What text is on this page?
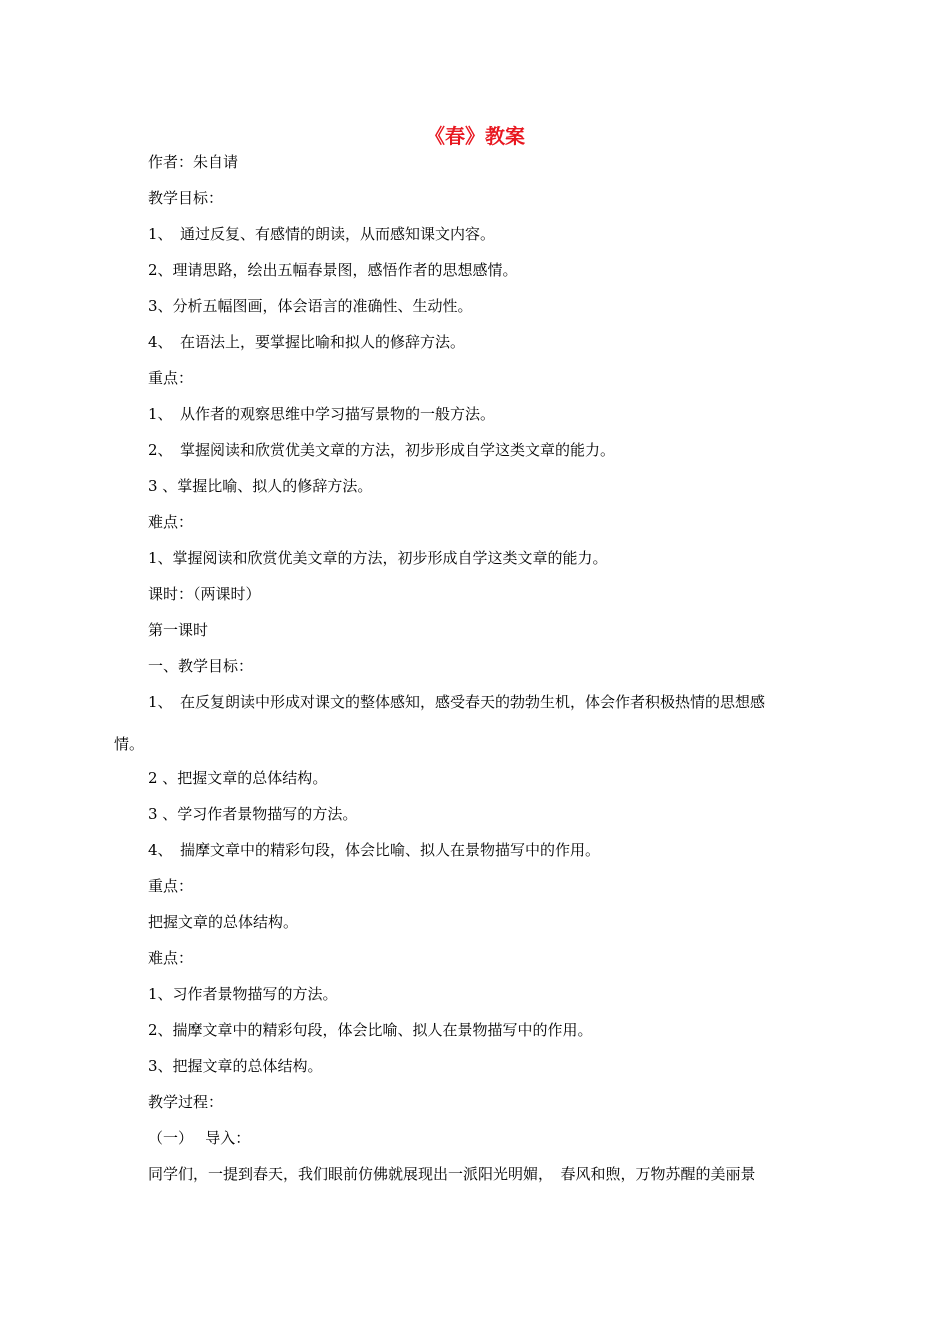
《春》教案
作者：朱自请
教学目标：
1、　通过反复、有感情的朗读，从而感知课文内容。
2、理请思路，绘出五幅春景图，感悟作者的思想感情。
3、分析五幅图画，体会语言的准确性、生动性。
4、　在语法上，要掌握比喻和拟人的修辞方法。
重点：
1、　从作者的观察思维中学习描写景物的一般方法。
2、　掌握阅读和欣赏优美文章的方法，初步形成自学这类文章的能力。
3 、掌握比喻、拟人的修辞方法。
难点：
1、掌握阅读和欣赏优美文章的方法，初步形成自学这类文章的能力。
课时：（两课时）
第一课时
一、教学目标：
1、　在反复朗读中形成对课文的整体感知，感受春天的勃勃生机，体会作者积极热情的思想感
情。
2 、把握文章的总体结构。
3 、学习作者景物描写的方法。
4、　揣摩文章中的精彩句段，体会比喻、拟人在景物描写中的作用。
重点：
把握文章的总体结构。
难点：
1、习作者景物描写的方法。
2、揣摩文章中的精彩句段，体会比喻、拟人在景物描写中的作用。
3、把握文章的总体结构。
教学过程：
（一）　 导入：
同学们，一提到春天，我们眼前仿佛就展现出一派阳光明媚，　春风和煦，万物苏醒的美丽景
